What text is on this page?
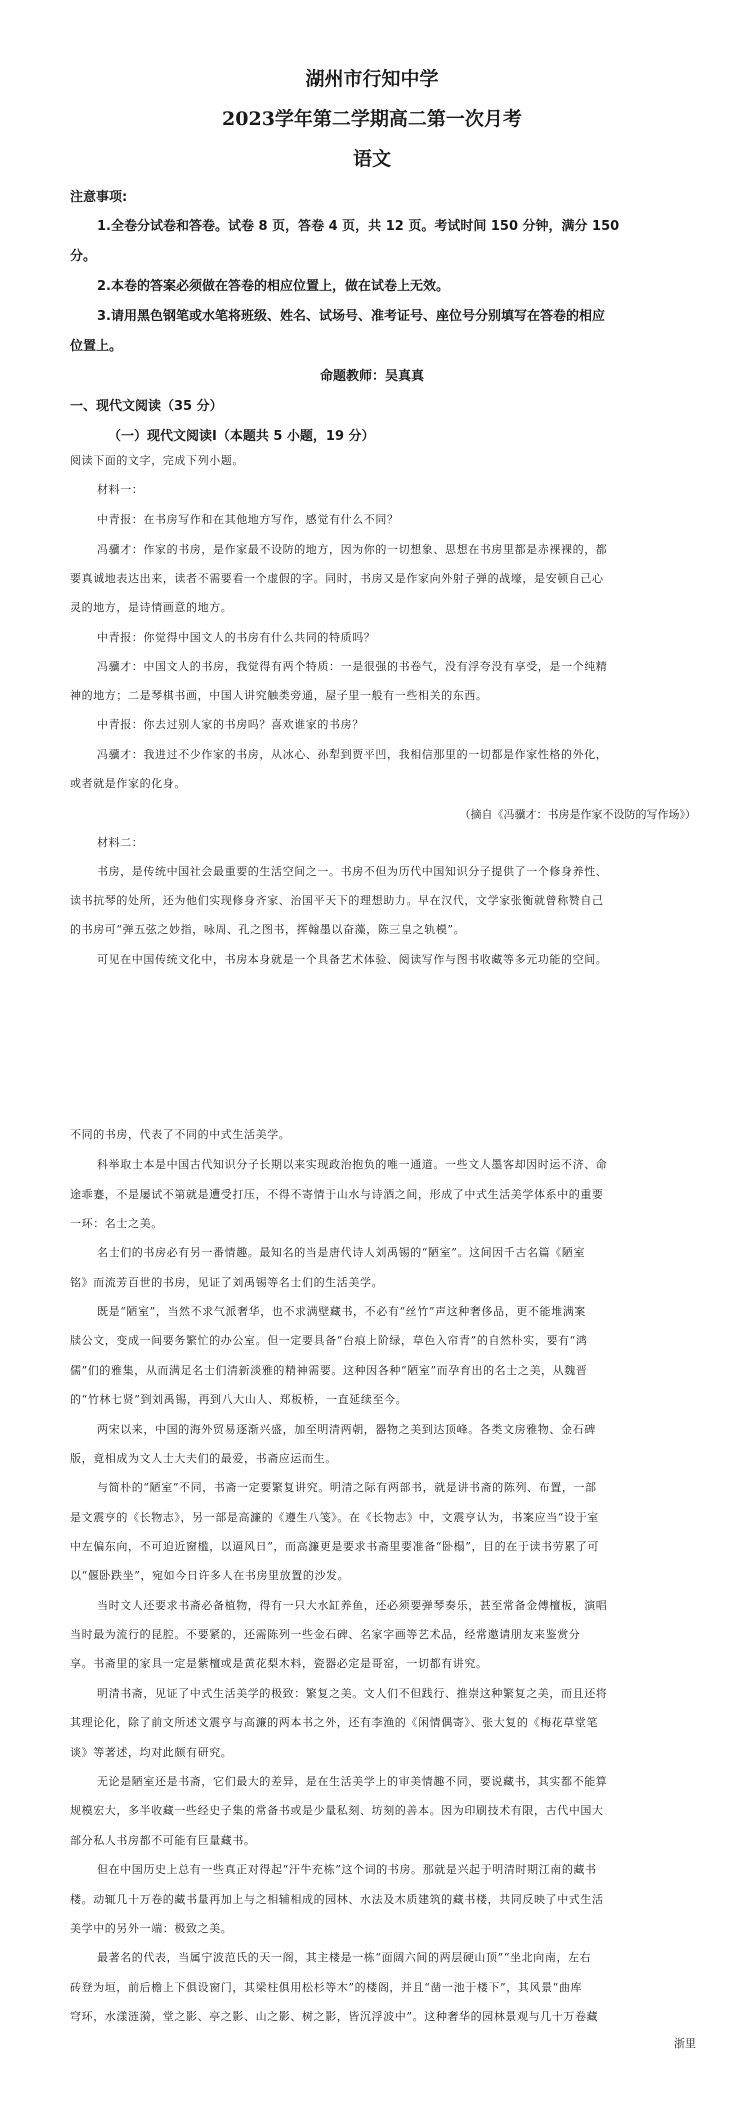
湖州市行知中学
2023学年第二学期高二第一次月考
语文
注意事项:
1.全卷分试卷和答卷。试卷 8 页，答卷 4 页，共 12 页。考试时间 150 分钟，满分 150
分。
2.本卷的答案必须做在答卷的相应位置上，做在试卷上无效。
3.请用黑色钢笔或水笔将班级、姓名、试场号、准考证号、座位号分别填写在答卷的相应
位置上。
命题教师：吴真真
一、现代文阅读（35 分）
（一）现代文阅读Ⅰ（本题共 5 小题，19 分）
阅读下面的文字，完成下列小题。
材料一：
中青报：在书房写作和在其他地方写作，感觉有什么不同？
冯骥才：作家的书房，是作家最不设防的地方，因为你的一切想象、思想在书房里都是赤裸裸的，都
要真诚地表达出来，读者不需要看一个虚假的字。同时，书房又是作家向外射子弹的战壕，是安顿自己心
灵的地方，是诗情画意的地方。
中青报：你觉得中国文人的书房有什么共同的特质吗？
冯骥才：中国文人的书房，我觉得有两个特质：一是很强的书卷气，没有浮夸没有享受，是一个纯精
神的地方；二是琴棋书画，中国人讲究触类旁通，屋子里一般有一些相关的东西。
中青报：你去过别人家的书房吗？喜欢谁家的书房？
冯骥才：我进过不少作家的书房，从冰心、孙犁到贾平凹，我相信那里的一切都是作家性格的外化，
或者就是作家的化身。
（摘自《冯骥才：书房是作家不设防的写作场》）
材料二：
书房，是传统中国社会最重要的生活空间之一。书房不但为历代中国知识分子提供了一个修身养性、
读书抗琴的处所，还为他们实现修身齐家、治国平天下的理想助力。早在汉代，文学家张衡就曾称赞自己
的书房可“弹五弦之妙指，咏周、孔之图书，挥翰墨以奋藻，陈三皇之轨模”。
可见在中国传统文化中，书房本身就是一个具备艺术体验、阅读写作与图书收藏等多元功能的空间。
不同的书房，代表了不同的中式生活美学。
科举取士本是中国古代知识分子长期以来实现政治抱负的唯一通道。一些文人墨客却因时运不济、命
途乖蹇，不是屡试不第就是遭受打压，不得不寄情于山水与诗酒之间，形成了中式生活美学体系中的重要
一环：名士之美。
名士们的书房必有另一番情趣。最知名的当是唐代诗人刘禹锡的“陋室”。这间因千古名篇《陋室
铭》而流芳百世的书房，见证了刘禹锡等名士们的生活美学。
既是“陋室”，当然不求气派奢华，也不求满壁藏书，不必有“丝竹”声这种奢侈品，更不能堆满案
牍公文，变成一间要务繁忙的办公室。但一定要具备“台痕上阶绿，草色入帘青”的自然朴实，要有“鸿
儒”们的雅集，从而满足名士们清新淡雅的精神需要。这种因各种“陋室”而孕育出的名士之美，从魏晋
的“竹林七贤”到刘禹锡，再到八大山人、郑板桥，一直延续至今。
两宋以来，中国的海外贸易逐渐兴盛，加至明清两朝，器物之美到达顶峰。各类文房雅物、金石碑
版，竟相成为文人士大夫们的最爱，书斋应运而生。
与简朴的“陋室”不同，书斋一定要繁复讲究。明清之际有两部书，就是讲书斋的陈列、布置，一部
是文震亨的《长物志》，另一部是高濂的《遵生八笺》。在《长物志》中，文震亨认为，书案应当“设于室
中左偏东向，不可迫近窗槛，以逼风日”，而高濂更是要求书斋里要准备“卧榻”，目的在于读书劳累了可
以“偃卧跌坐”，宛如今日许多人在书房里放置的沙发。
当时文人还要求书斋必备植物，得有一只大水缸养鱼，还必须要弹琴奏乐，甚至常备金傅檀板，演唱
当时最为流行的昆腔。不要紧的，还需陈列一些金石碑、名家字画等艺术品，经常邀请朋友来鉴赏分
享。书斋里的家具一定是紫檀或是黄花梨木料，瓷器必定是哥窑，一切都有讲究。
明清书斋，见证了中式生活美学的极致：繁复之美。文人们不但践行、推崇这种繁复之美，而且还将
其理论化，除了前文所述文震亨与高濂的两本书之外，还有李渔的《闲情偶寄》、张大复的《梅花草堂笔
谈》等著述，均对此颇有研究。
无论是陋室还是书斋，它们最大的差异，是在生活美学上的审美情趣不同，要说藏书，其实都不能算
规模宏大，多半收藏一些经史子集的常备书或是少量私刻、坊刻的善本。因为印刷技术有限，古代中国大
部分私人书房都不可能有巨量藏书。
但在中国历史上总有一些真正对得起“汗牛充栋”这个词的书房。那就是兴起于明清时期江南的藏书
楼。动辄几十万卷的藏书量再加上与之相辅相成的园林、水法及木质建筑的藏书楼，共同反映了中式生活
美学中的另外一端：极致之美。
最著名的代表，当属宁波范氏的天一阁，其主楼是一栋“面阔六间的两层硬山顶”“坐北向南，左右
砖登为垣，前后檐上下俱设窗门，其梁柱俱用松杉等木”的楼阁，并且“凿一池于楼下”，其风景“曲库
穹环，水漾涟漪，堂之影、亭之影、山之影、树之影，皆沉浮波中”。这种奢华的园林景观与几十万卷藏
浙里
